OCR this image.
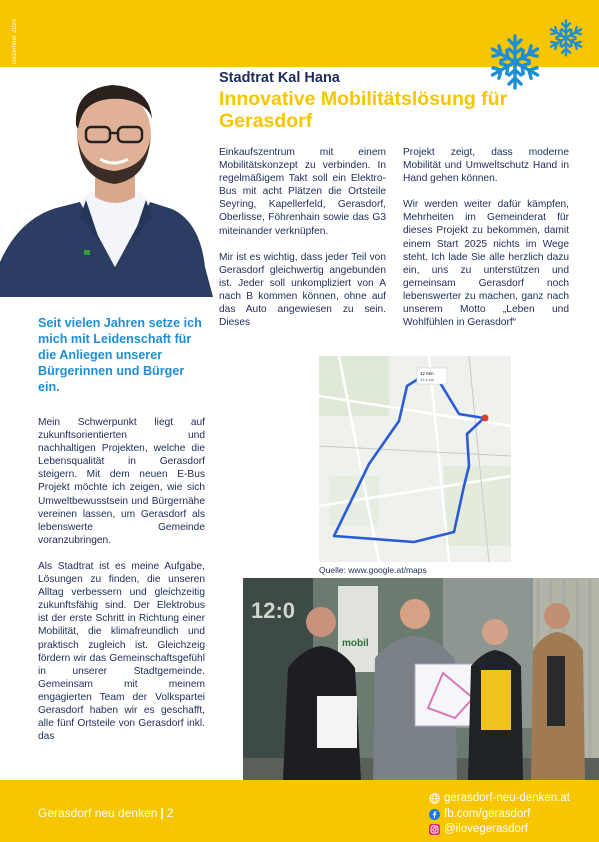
Dezember 2024
Stadtrat Kal Hana
Innovative Mobilitätslösung für Gerasdorf

Einkaufszentrum mit einem Mobilitätskonzept zu verbinden. In regelmäßigem Takt soll ein Elektro-Bus mit acht Plätzen die Ortsteile Seyring, Kapellerfeld, Gerasdorf, Oberlisse, Föhrenhain sowie das G3 miteinander verknüpfen.

Mir ist es wichtig, dass jeder Teil von Gerasdorf gleichwertig angebunden ist. Jeder soll unkompliziert von A nach B kommen können, ohne auf das Auto angewiesen zu sein. Dieses

Projekt zeigt, dass moderne Mobilität und Umweltschutz Hand in Hand gehen können.

Wir werden weiter dafür kämpfen, Mehrheiten im Gemeinderat für dieses Projekt zu bekommen, damit einem Start 2025 nichts im Wege steht. Ich lade Sie alle herzlich dazu ein, uns zu unterstützen und gemeinsam Gerasdorf noch lebenswerter zu machen, ganz nach unserem Motto „Leben und Wohlfühlen in Gerasdorf“

Seit vielen Jahren setze ich mich mit Leidenschaft für die Anliegen unserer Bürgerinnen und Bürger ein.

Mein Schwerpunkt liegt auf zukunftsorientierten und nachhaltigen Projekten, welche die Lebensqualität in Gerasdorf steigern. Mit dem neuen E-Bus Projekt möchte ich zeigen, wie sich Umweltbewusstsein und Bürgernähe vereinen lassen, um Gerasdorf als lebenswerte Gemeinde voranzubringen.

Als Stadtrat ist es meine Aufgabe, Lösungen zu finden, die unseren Alltag verbessern und gleichzeitig zukunftsfähig sind. Der Elektrobus ist der erste Schritt in Richtung einer Mobilität, die klimafreundlich und praktisch zugleich ist. Gleichzeig fördern wir das Gemeinschaftsgefühl in unserer Stadtgemeinde. Gemeinsam mit meinem engagierten Team der Volkspartei Gerasdorf haben wir es geschafft, alle fünf Ortsteile von Gerasdorf inkl. das

42 Min.
15,4 km
Quelle: www.google.at/maps
12:0
mobil
Gerasdorf neu denken | 2
gerasdorf-neu-denken.at
fb.com/gerasdorf
@ilovegerasdorf
